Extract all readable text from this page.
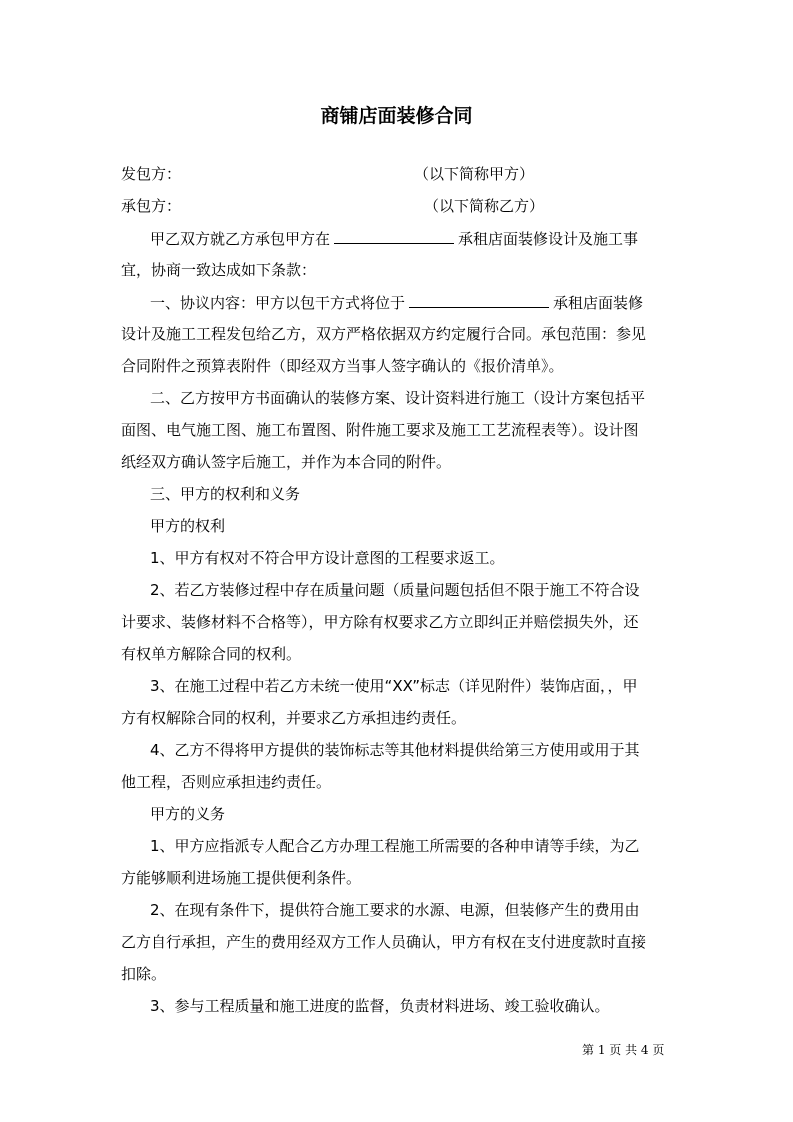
商铺店面装修合同
发包方：	（以下简称甲方）
承包方：	（以下简称乙方）
甲乙双方就乙方承包甲方在	承租店面装修设计及施工事
宜，协商一致达成如下条款：
一、协议内容：甲方以包干方式将位于	承租店面装修
设计及施工工程发包给乙方，双方严格依据双方约定履行合同。承包范围：参见
合同附件之预算表附件（即经双方当事人签字确认的《报价清单》。
二、乙方按甲方书面确认的装修方案、设计资料进行施工（设计方案包括平
面图、电气施工图、施工布置图、附件施工要求及施工工艺流程表等）。设计图
纸经双方确认签字后施工，并作为本合同的附件。
三、甲方的权利和义务
甲方的权利
1、甲方有权对不符合甲方设计意图的工程要求返工。
2、若乙方装修过程中存在质量问题（质量问题包括但不限于施工不符合设
计要求、装修材料不合格等），甲方除有权要求乙方立即纠正并赔偿损失外，还
有权单方解除合同的权利。
3、在施工过程中若乙方未统一使用“XX”标志（详见附件）装饰店面，，甲
方有权解除合同的权利，并要求乙方承担违约责任。
4、乙方不得将甲方提供的装饰标志等其他材料提供给第三方使用或用于其
他工程，否则应承担违约责任。
甲方的义务
1、甲方应指派专人配合乙方办理工程施工所需要的各种申请等手续，为乙
方能够顺利进场施工提供便利条件。
2、在现有条件下，提供符合施工要求的水源、电源，但装修产生的费用由
乙方自行承担，产生的费用经双方工作人员确认，甲方有权在支付进度款时直接
扣除。
3、参与工程质量和施工进度的监督，负责材料进场、竣工验收确认。
第 1 页 共 4 页
